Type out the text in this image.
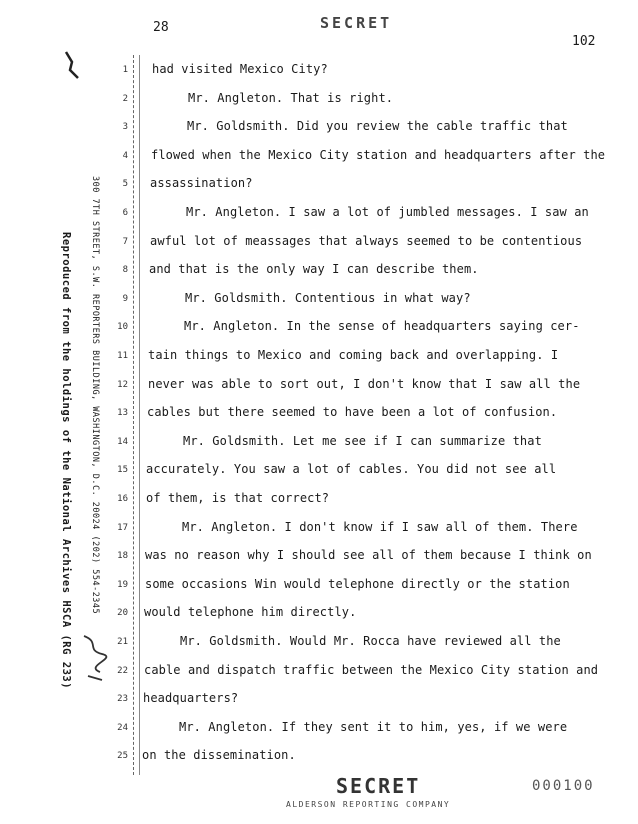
28	SECRET
102
Reproduced from the holdings of the National Archives HSCA (RG 233) 300 7TH STREET, S.W. REPORTERS BUILDING, WASHINGTON, D.C. 20024 (202) 554-2345
1 had visited Mexico City?
2	Mr. Angleton. That is right.
3	Mr. Goldsmith. Did you review the cable traffic that
4 flowed when the Mexico City station and headquarters after the
5 assassination?
6	Mr. Angleton. I saw a lot of jumbled messages. I saw an
7 awful lot of meassages that always seemed to be contentious
8 and that is the only way I can describe them.
9	Mr. Goldsmith. Contentious in what way?
10	Mr. Angleton. In the sense of headquarters saying cer-
11 tain things to Mexico and coming back and overlapping. I
12 never was able to sort out, I don't know that I saw all the
13 cables but there seemed to have been a lot of confusion.
14	Mr. Goldsmith. Let me see if I can summarize that
15 accurately. You saw a lot of cables. You did not see all
16 of them, is that correct?
17	Mr. Angleton. I don't know if I saw all of them. There
18 was no reason why I should see all of them because I think on
19 some occasions Win would telephone directly or the station
20 would telephone him directly.
21	Mr. Goldsmith. Would Mr. Rocca have reviewed all the
22 cable and dispatch traffic between the Mexico City station and
23 headquarters?
24	Mr. Angleton. If they sent it to him, yes, if we were
25 on the dissemination.
SECRET
ALDERSON REPORTING COMPANY
000100
